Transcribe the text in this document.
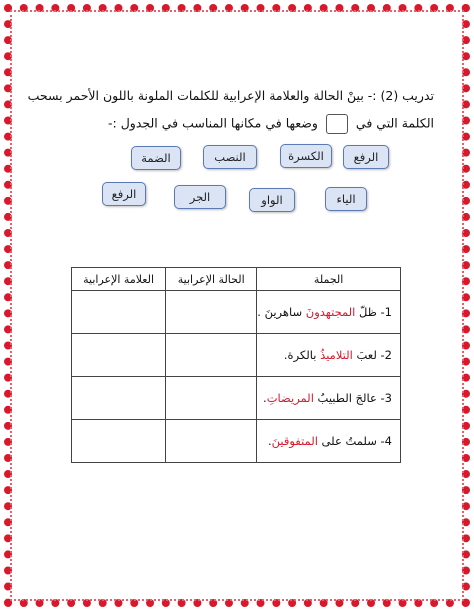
تدريب (2) :- بينْ الحالة والعلامة الإعرابية للكلمات الملونة باللون الأحمر بسحب
الكلمة التي في  وضعها في مكانها المناسب في الجدول :-
الرفع
الكسرة
النصب
الضمة
الياء
الواو
الجر
الرفع
الجملة	الحالة الإعرابية	العلامة الإعرابية
1- ظلّ المجتهدونَ ساهرينَ .		
2- لعبَ التلاميذُ بالكرة.		
3- عالجَ الطبيبُ المريضاتِ.		
4- سلمتُ على المتفوقينَ.		
